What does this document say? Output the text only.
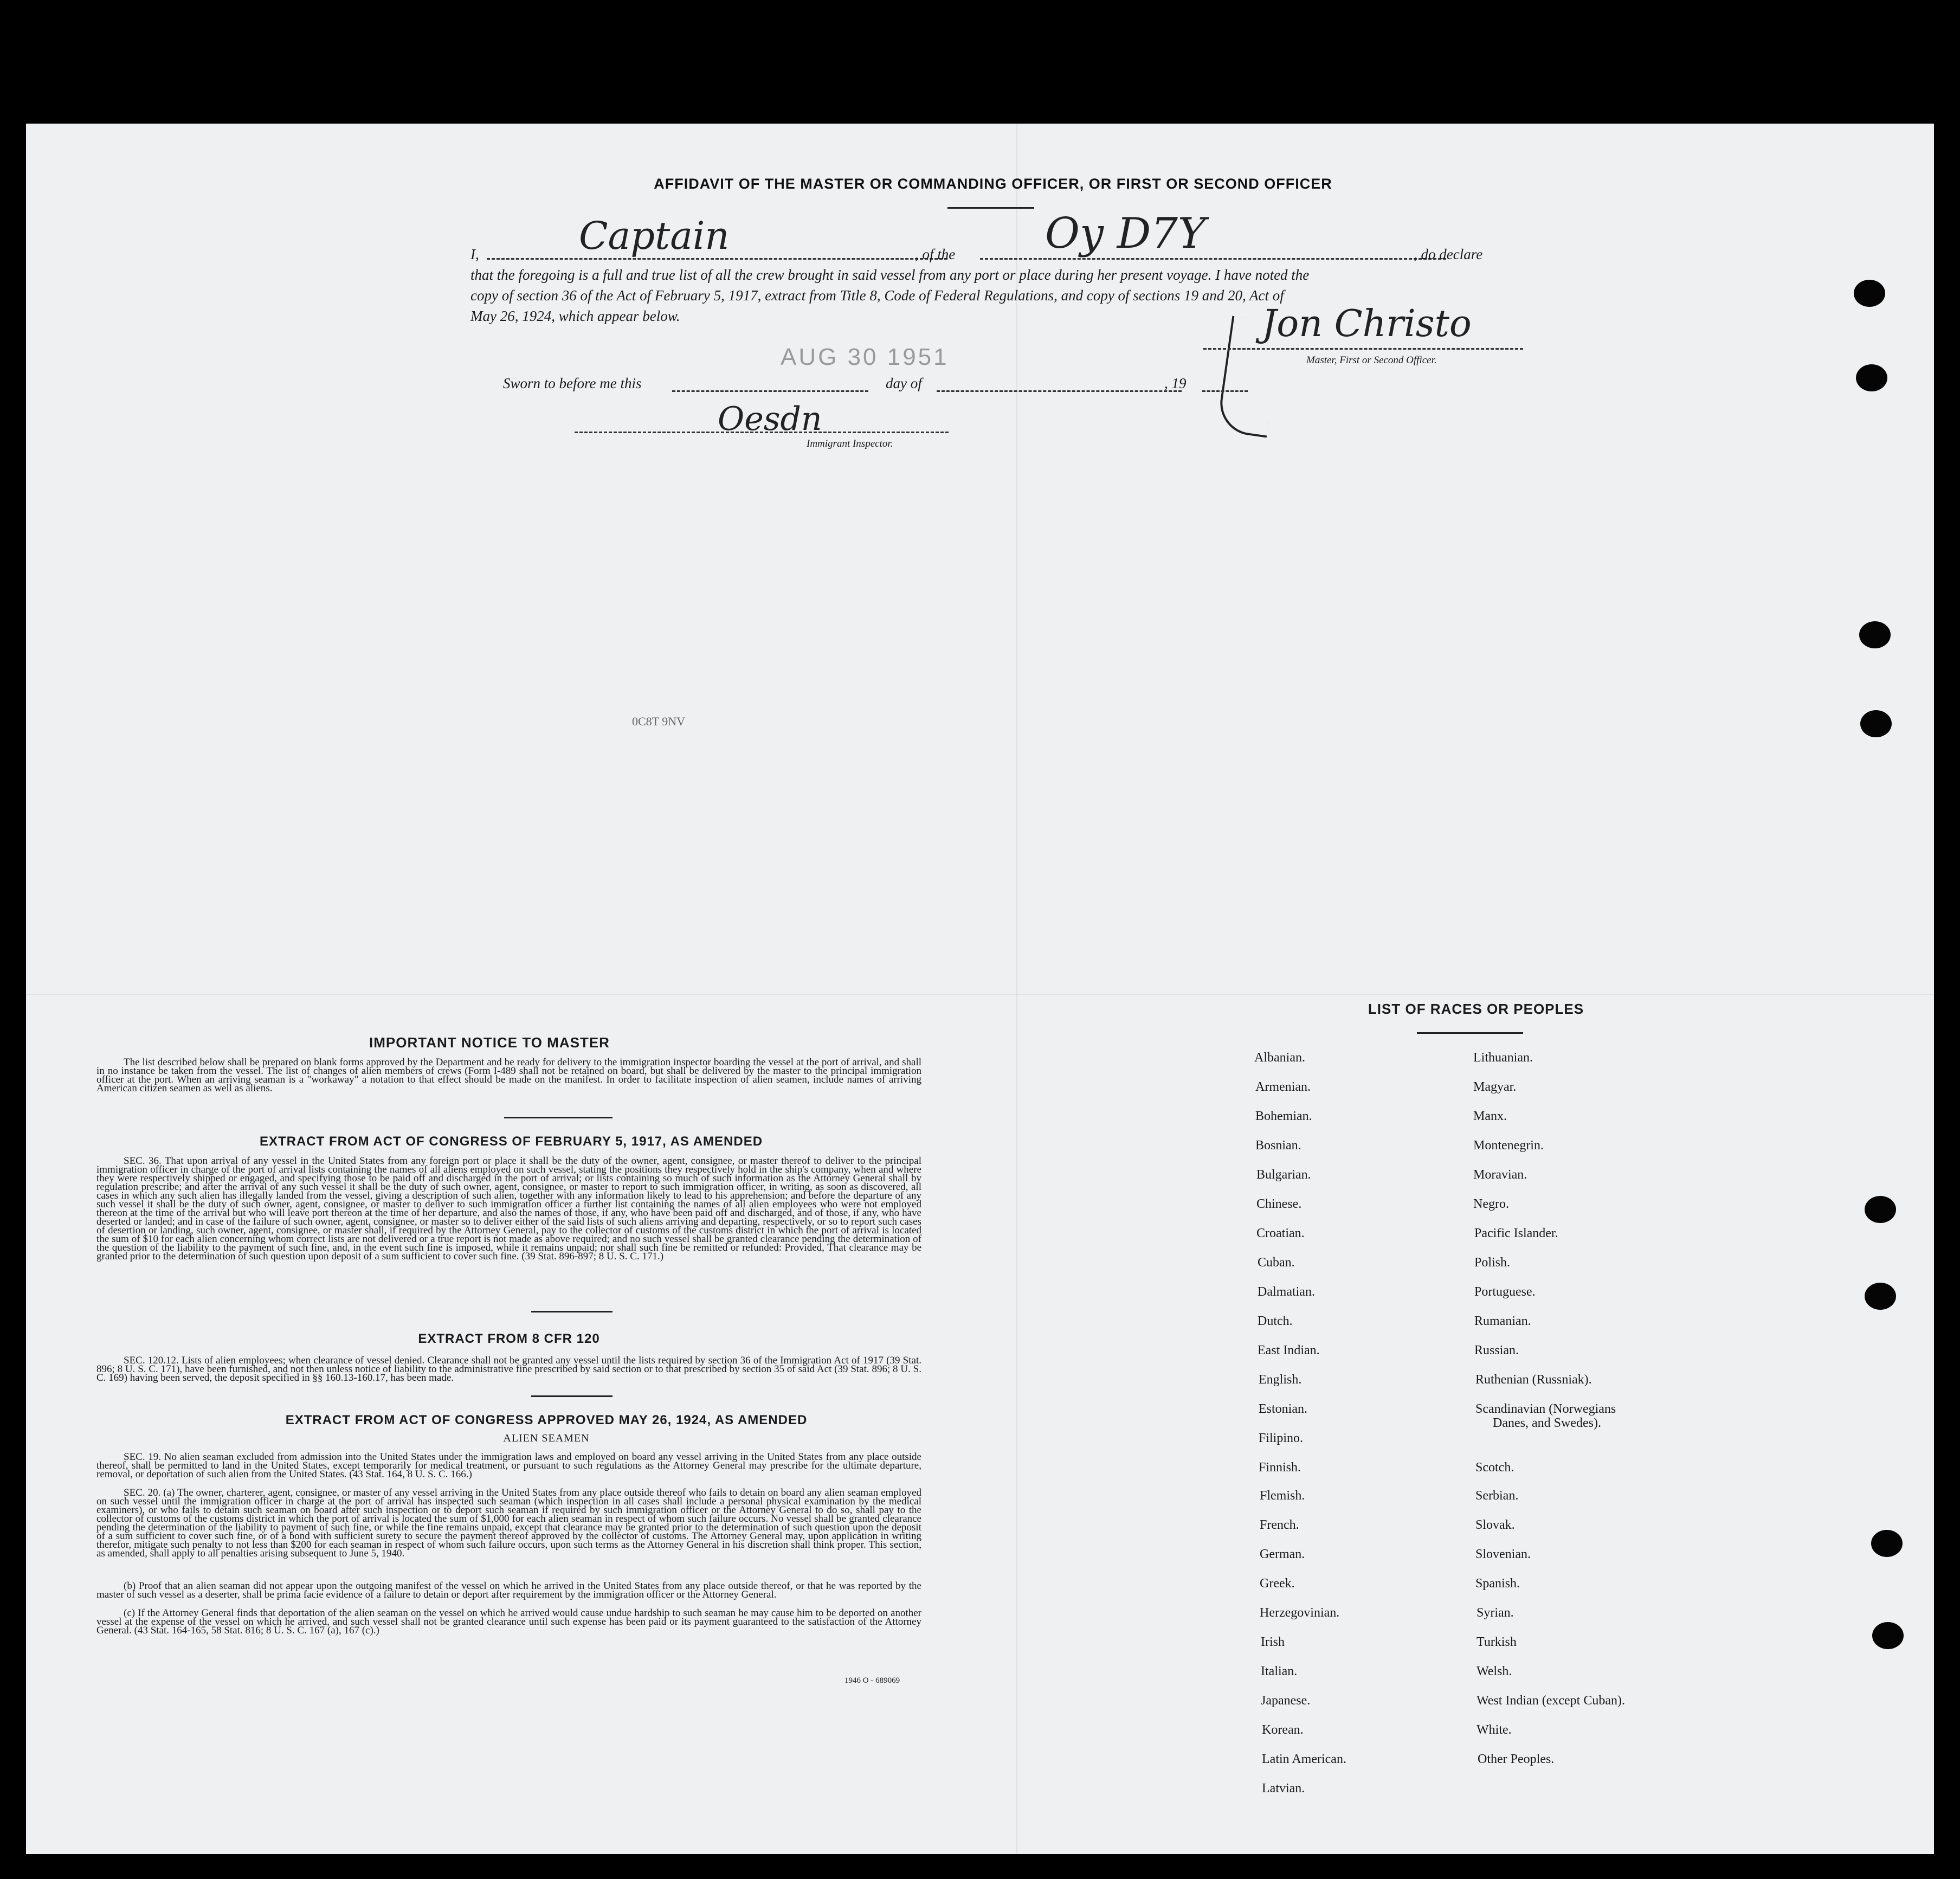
AFFIDAVIT OF THE MASTER OR COMMANDING OFFICER, OR FIRST OR SECOND OFFICER
I,	Captain	, of the Oy D7Y	, do declare
that the foregoing is a full and true list of all the crew brought in said vessel from any port or place during her present voyage. I have noted the
copy of section 36 of the Act of February 5, 1917, extract from Title 8, Code of Federal Regulations, and copy of sections 19 and 20, Act of
May 26, 1924, which appear below.
AUG 30 1951
Jon Christo
Master, First or Second Officer.
Sworn to before me this	day of	, 19
Oesdn
Immigrant Inspector.
0C8T 9NV
IMPORTANT NOTICE TO MASTER
The list described below shall be prepared on blank forms approved by the Department and be ready for delivery to the immigration inspector boarding the vessel at the port of arrival, and shall in no instance be taken from the vessel. The list of changes of alien members of crews (Form I-489 shall not be retained on board, but shall be delivered by the master to the principal immigration officer at the port. When an arriving seaman is a "workaway" a notation to that effect should be made on the manifest. In order to facilitate inspection of alien seamen, include names of arriving American citizen seamen as well as aliens.
EXTRACT FROM ACT OF CONGRESS OF FEBRUARY 5, 1917, AS AMENDED
SEC. 36. That upon arrival of any vessel in the United States from any foreign port or place it shall be the duty of the owner, agent, consignee, or master thereof to deliver to the principal immigration officer in charge of the port of arrival lists containing the names of all aliens employed on such vessel, stating the positions they respectively hold in the ship's company, when and where they were respectively shipped or engaged, and specifying those to be paid off and discharged in the port of arrival; or lists containing so much of such information as the Attorney General shall by regulation prescribe; and after the arrival of any such vessel it shall be the duty of such owner, agent, consignee, or master to report to such immigration officer, in writing, as soon as discovered, all cases in which any such alien has illegally landed from the vessel, giving a description of such alien, together with any information likely to lead to his apprehension; and before the departure of any such vessel it shall be the duty of such owner, agent, consignee, or master to deliver to such immigration officer a further list containing the names of all alien employees who were not employed thereon at the time of the arrival but who will leave port thereon at the time of her departure, and also the names of those, if any, who have been paid off and discharged, and of those, if any, who have deserted or landed; and in case of the failure of such owner, agent, consignee, or master so to deliver either of the said lists of such aliens arriving and departing, respectively, or so to report such cases of desertion or landing, such owner, agent, consignee, or master shall, if required by the Attorney General, pay to the collector of customs of the customs district in which the port of arrival is located the sum of $10 for each alien concerning whom correct lists are not delivered or a true report is not made as above required; and no such vessel shall be granted clearance pending the determination of the question of the liability to the payment of such fine, and, in the event such fine is imposed, while it remains unpaid; nor shall such fine be remitted or refunded: Provided, That clearance may be granted prior to the determination of such question upon deposit of a sum sufficient to cover such fine. (39 Stat. 896-897; 8 U. S. C. 171.)
EXTRACT FROM 8 CFR 120
SEC. 120.12. Lists of alien employees; when clearance of vessel denied. Clearance shall not be granted any vessel until the lists required by section 36 of the Immigration Act of 1917 (39 Stat. 896; 8 U. S. C. 171), have been furnished, and not then unless notice of liability to the administrative fine prescribed by said section or to that prescribed by section 35 of said Act (39 Stat. 896; 8 U. S. C. 169) having been served, the deposit specified in §§ 160.13-160.17, has been made.
EXTRACT FROM ACT OF CONGRESS APPROVED MAY 26, 1924, AS AMENDED
ALIEN SEAMEN
SEC. 19. No alien seaman excluded from admission into the United States under the immigration laws and employed on board any vessel arriving in the United States from any place outside thereof, shall be permitted to land in the United States, except temporarily for medical treatment, or pursuant to such regulations as the Attorney General may prescribe for the ultimate departure, removal, or deportation of such alien from the United States. (43 Stat. 164, 8 U. S. C. 166.)
SEC. 20. (a) The owner, charterer, agent, consignee, or master of any vessel arriving in the United States from any place outside thereof who fails to detain on board any alien seaman employed on such vessel until the immigration officer in charge at the port of arrival has inspected such seaman (which inspection in all cases shall include a personal physical examination by the medical examiners), or who fails to detain such seaman on board after such inspection or to deport such seaman if required by such immigration officer or the Attorney General to do so, shall pay to the collector of customs of the customs district in which the port of arrival is located the sum of $1,000 for each alien seaman in respect of whom such failure occurs. No vessel shall be granted clearance pending the determination of the liability to payment of such fine, or while the fine remains unpaid, except that clearance may be granted prior to the determination of such question upon the deposit of a sum sufficient to cover such fine, or of a bond with sufficient surety to secure the payment thereof approved by the collector of customs. The Attorney General may, upon application in writing therefor, mitigate such penalty to not less than $200 for each seaman in respect of whom such failure occurs, upon such terms as the Attorney General in his discretion shall think proper. This section, as amended, shall apply to all penalties arising subsequent to June 5, 1940.
(b) Proof that an alien seaman did not appear upon the outgoing manifest of the vessel on which he arrived in the United States from any place outside thereof, or that he was reported by the master of such vessel as a deserter, shall be prima facie evidence of a failure to detain or deport after requirement by the immigration officer or the Attorney General.
(c) If the Attorney General finds that deportation of the alien seaman on the vessel on which he arrived would cause undue hardship to such seaman he may cause him to be deported on another vessel at the expense of the vessel on which he arrived, and such vessel shall not be granted clearance until such expense has been paid or its payment guaranteed to the satisfaction of the Attorney General. (43 Stat. 164-165, 58 Stat. 816; 8 U. S. C. 167 (a), 167 (c).)
1946 O - 689069
LIST OF RACES OR PEOPLES
Albanian.
Armenian.
Bohemian.
Bosnian.
Bulgarian.
Chinese.
Croatian.
Cuban.
Dalmatian.
Dutch.
East Indian.
English.
Estonian.
Filipino.
Finnish.
Flemish.
French.
German.
Greek.
Herzegovinian.
Irish
Italian.
Japanese.
Korean.
Latin American.
Latvian.
Lithuanian.
Magyar.
Manx.
Montenegrin.
Moravian.
Negro.
Pacific Islander.
Polish.
Portuguese.
Rumanian.
Russian.
Ruthenian (Russniak).
Scandinavian (Norwegians
Danes, and Swedes).
Scotch.
Serbian.
Slovak.
Slovenian.
Spanish.
Syrian.
Turkish
Welsh.
West Indian (except Cuban).
White.
Other Peoples.
